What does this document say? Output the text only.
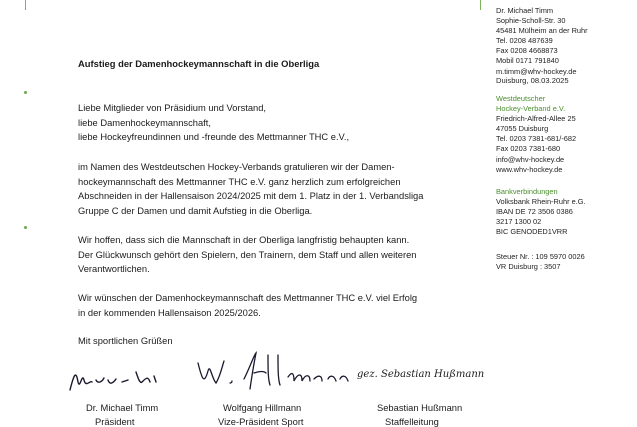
Dr. Michael Timm
Sophie-Scholl-Str. 30
45481 Mülheim an der Ruhr
Tel. 0208 487639
Fax 0208 4668873
Mobil 0171 791840
m.timm@whv-hockey.de
Duisburg, 08.03.2025
Westdeutscher
Hockey-Verband e.V.
Friedrich-Alfred-Allee 25
47055 Duisburg
Tel. 0203 7381-681/-682
Fax 0203 7381-680
info@whv-hockey.de
www.whv-hockey.de
Bankverbindungen
Volksbank Rhein-Ruhr e.G.
IBAN DE 72 3506 0386
3217 1300 02
BIC GENODED1VRR
Steuer Nr. : 109 5970 0026
VR Duisburg : 3507
Aufstieg der Damenhockeymannschaft in die Oberliga
Liebe Mitglieder von Präsidium und Vorstand,
liebe Damenhockeymannschaft,
liebe Hockeyfreundinnen und -freunde des Mettmanner THC e.V.,
im Namen des Westdeutschen Hockey-Verbands gratulieren wir der Damen-
hockeymannschaft des Mettmanner THC e.V. ganz herzlich zum erfolgreichen
Abschneiden in der Hallensaison 2024/2025 mit dem 1. Platz in der 1. Verbandsliga
Gruppe C der Damen und damit Aufstieg in die Oberliga.
Wir hoffen, dass sich die Mannschaft in der Oberliga langfristig behaupten kann.
Der Glückwunsch gehört den Spielern, den Trainern, dem Staff und allen weiteren
Verantwortlichen.
Wir wünschen der Damenhockeymannschaft des Mettmanner THC e.V. viel Erfolg
in der kommenden Hallensaison 2025/2026.
Mit sportlichen Grüßen
gez. Sebastian Hußmann
Dr. Michael Timm	Wolfgang Hillmann	Sebastian Hußmann
Präsident	Vize-Präsident Sport	Staffelleitung
